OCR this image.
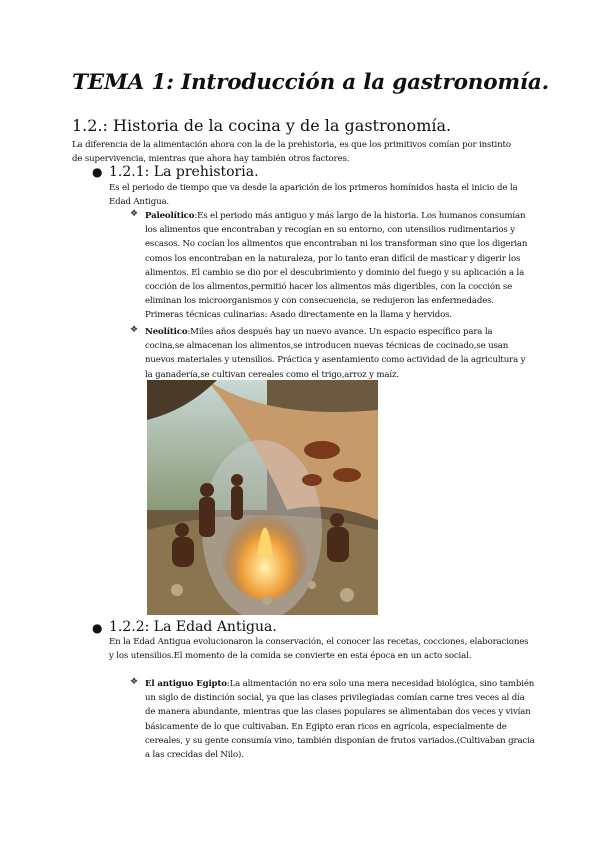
TEMA 1: Introducción a la gastronomía.
1.2.: Historia de la cocina y de la gastronomía.
La diferencia de la alimentación ahora con la de la prehistoria, es que los primitivos comían por instinto de supervivencia, mientras que ahora hay también otros factores.
● 1.2.1: La prehistoria.
Es el periodo de tiempo que va desde la aparición de los primeros homínidos hasta el inicio de la Edad Antigua.
❖ Paleolítico:Es el periodo más antiguo y más largo de la historia. Los humanos consumían los alimentos que encontraban y recogían en su entorno, con utensilios rudimentarios y escasos. No cocían los alimentos que encontraban ni los transforman sino que los digerian comos los encontraban en la naturaleza, por lo tanto eran difícil de masticar y digerir los alimentos. El cambio se dio por el descubrimiento y dominio del fuego y su aplicación a la cocción de los alimentos,permitió hacer los alimentos más digeribles, con la cocción se eliminan los microorganismos y con consecuencia, se redujeron las enfermedades. Primeras técnicas culinarias: Asado directamente en la llama y hervidos.
❖ Neolítico:Miles años después hay un nuevo avance. Un espacio específico para la cocina,se almacenan los alimentos,se introducen nuevas técnicas de cocinado,se usan nuevos materiales y utensilios. Práctica y asentamiento como actividad de la agricultura y la ganadería,se cultivan cereales como el trigo,arroz y maíz.
● 1.2.2: La Edad Antigua.
En la Edad Antigua evolucionaron la conservación, el conocer las recetas, cocciones, elaboraciones y los utensilios.El momento de la comida se convierte en esta época en un acto social.
❖ El antiguo Egipto:La alimentación no era solo una mera necesidad biológica, sino también un siglo de distinción social, ya que las clases privilegiadas comían carne tres veces al día de manera abundante, mientras que las clases populares se alimentaban dos veces y vivían básicamente de lo que cultivaban. En Egipto eran ricos en agrícola, especialmente de cereales, y su gente consumía vino, también disponían de frutos variados.(Cultivaban gracia a las crecidas del Nilo).
